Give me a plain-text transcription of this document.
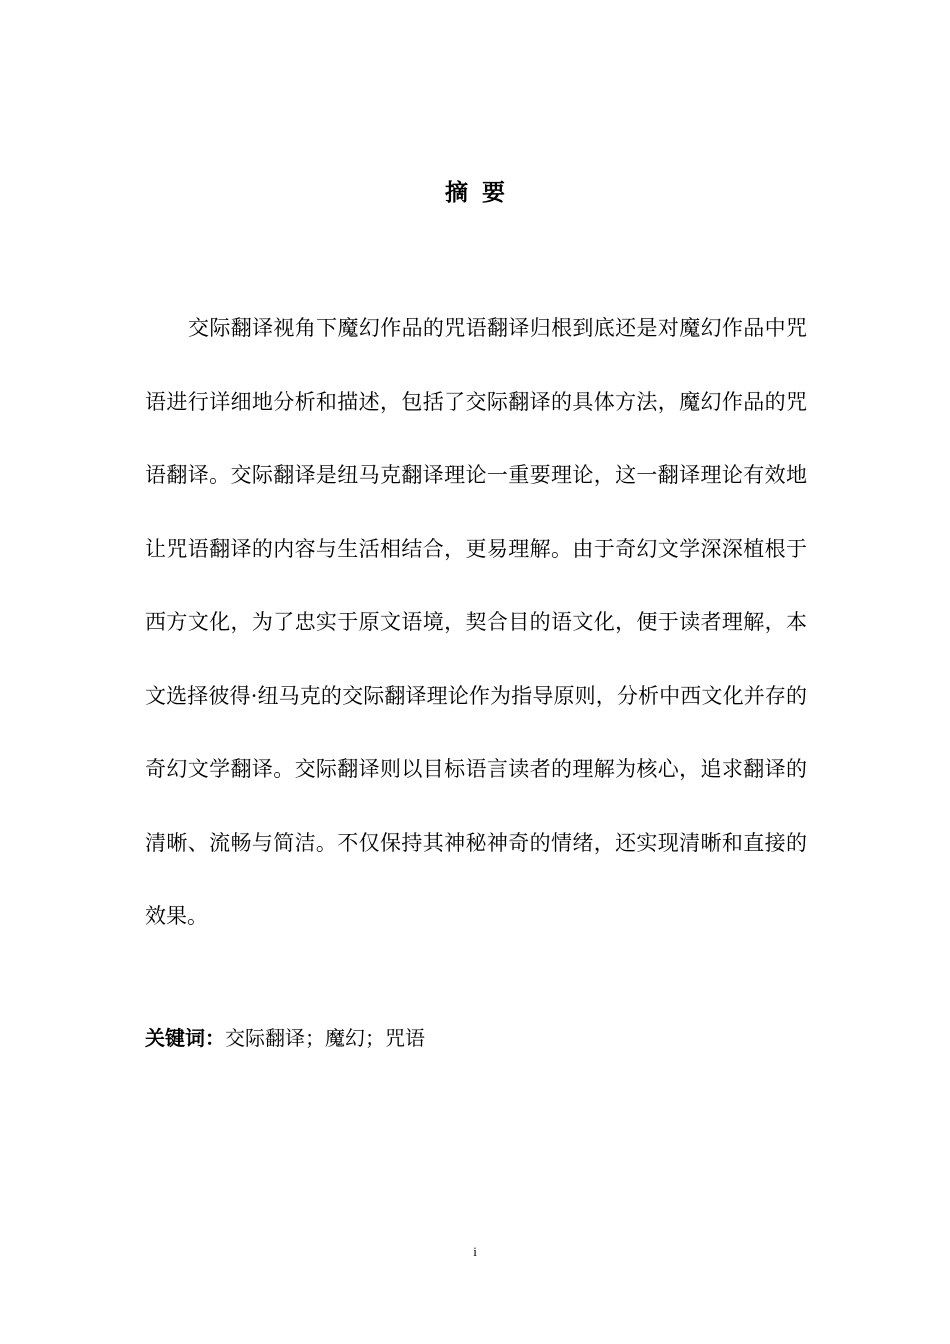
摘要

交际翻译视角下魔幻作品的咒语翻译归根到底还是对魔幻作品中咒语进行详细地分析和描述，包括了交际翻译的具体方法，魔幻作品的咒语翻译。交际翻译是纽马克翻译理论一重要理论，这一翻译理论有效地让咒语翻译的内容与生活相结合，更易理解。由于奇幻文学深深植根于西方文化，为了忠实于原文语境，契合目的语文化，便于读者理解，本文选择彼得·纽马克的交际翻译理论作为指导原则，分析中西文化并存的奇幻文学翻译。交际翻译则以目标语言读者的理解为核心，追求翻译的清晰、流畅与简洁。不仅保持其神秘神奇的情绪，还实现清晰和直接的效果。

关键词：交际翻译；魔幻；咒语

i
